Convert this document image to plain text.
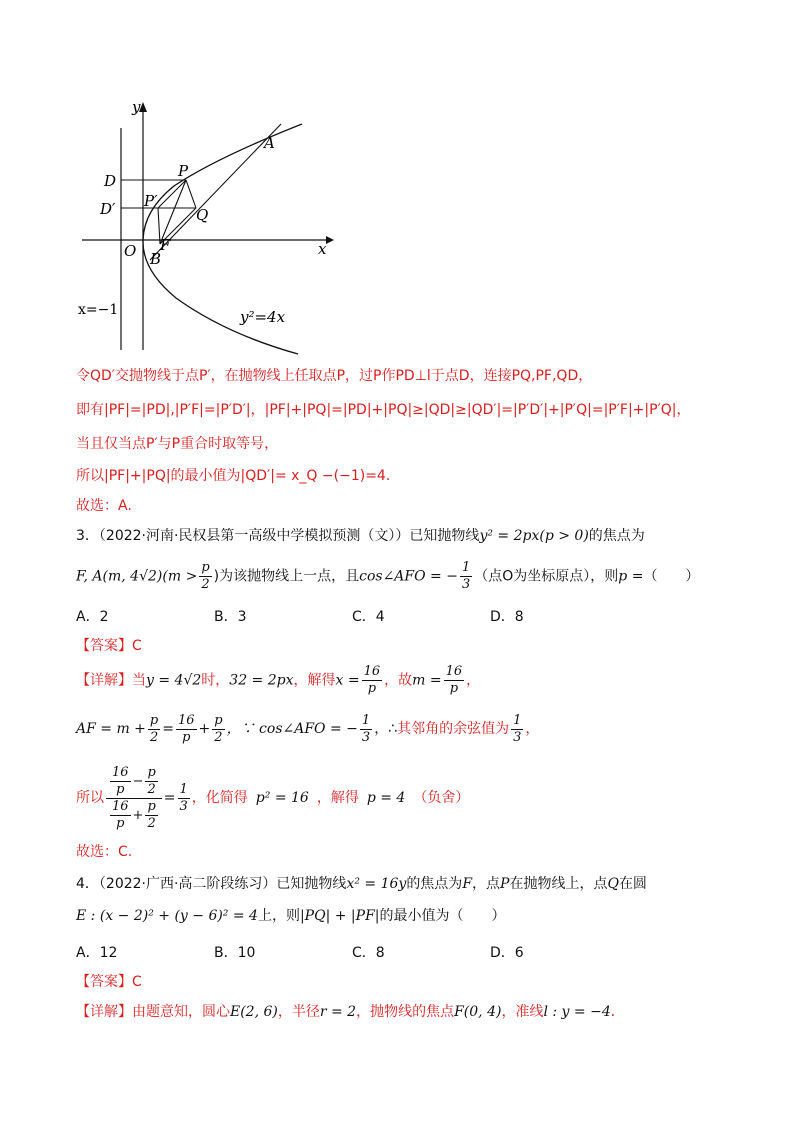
y
x
A
P
D
D′ P′
Q
O F
B
x=−1	y²=4x
令QD′交抛物线于点P′，在抛物线上任取点P，过P作PD⊥l于点D，连接PQ,PF,QD，
即有|PF|=|PD|,|P′F|=|P′D′|，|PF|+|PQ|=|PD|+|PQ|≥|QD|≥|QD′|=|P′D′|+|P′Q|=|P′F|+|P′Q|，
当且仅当点P′与P重合时取等号，
所以|PF|+|PQ|的最小值为|QD′|= x_Q −(−1)=4．
故选：A.
3．（2022·河南·民权县第一高级中学模拟预测（文））已知抛物线y² = 2px(p > 0)的焦点为
F, A(m, $4√2)(m > \frac{p}{2}$ )为该抛物线上一点，且cos∠AFO = − $\frac{1}{3}$ （点O为坐标原点），则p =（　　）
A．2	B．3	C．4	D．8
【答案】C
【详解】当y = 4√2时，32 = 2px，解得$x = \frac{16}{p}$ ，故$m = \frac{16}{p}$ ，
AF = $m + \frac{p}{2} = \frac{16}{p} + \frac{p}{2}$ ，∵ cos∠AFO = − $\frac{1}{3}$ ，∴其邻角的余弦值为 $\frac{1}{3}$ ，
所以 $\frac{\frac{16}{p} - \frac{p}{2}}{\frac{16}{p} + \frac{p}{2}} = \frac{1}{3}$ ，化简得 p² = 16 ，解得 p = 4 （负舍）
故选：C.
4．（2022·广西·高二阶段练习）已知抛物线x² = 16y的焦点为F，点P在抛物线上，点Q在圆
E : (x − 2)² + (y − 6)² = 4上，则|PQ| + |PF|的最小值为（　　）
A．12	B．10	C．8	D．6
【答案】C
【详解】由题意知，圆心E(2, 6)，半径r = 2，抛物线的焦点F(0, 4)，准线l : y = −4．
